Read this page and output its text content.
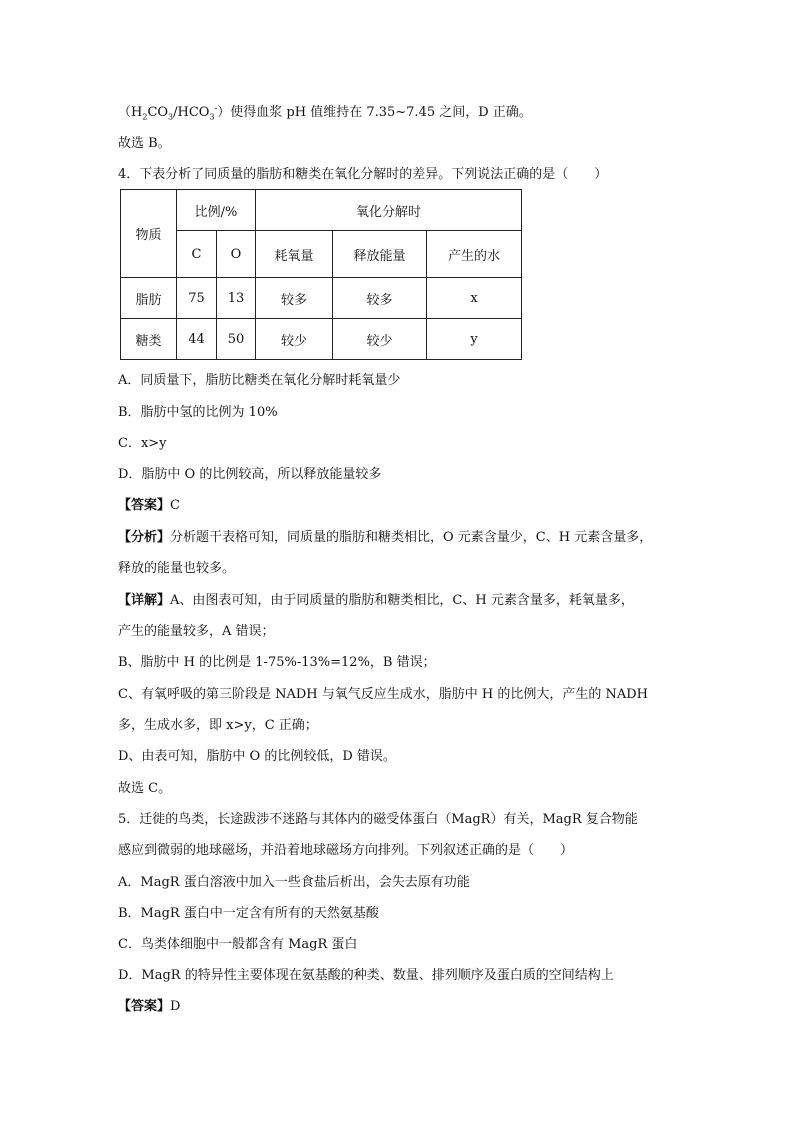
$(H_2CO_3/HCO_3^-)$使得血浆 pH 值维持在 7.35~7.45 之间，D 正确。
故选 B。
4．下表分析了同质量的脂肪和糖类在氧化分解时的差异。下列说法正确的是（　　）
物质	比例/%		氧化分解时		
	C	O	耗氧量	释放能量	产生的水
脂肪	75	13	较多	较多	x
糖类	44	50	较少	较少	y
A．同质量下，脂肪比糖类在氧化分解时耗氧量少
B．脂肪中氢的比例为 10%
C．x>y
D．脂肪中 O 的比例较高，所以释放能量较多
【答案】C
【分析】分析题干表格可知，同质量的脂肪和糖类相比，O 元素含量少，C、H 元素含量多，
释放的能量也较多。
【详解】A、由图表可知，由于同质量的脂肪和糖类相比，C、H 元素含量多，耗氧量多，
产生的能量较多，A 错误；
B、脂肪中 H 的比例是 1-75%-13%=12%，B 错误；
C、有氧呼吸的第三阶段是 NADH 与氧气反应生成水，脂肪中 H 的比例大，产生的 NADH
多，生成水多，即 x>y，C 正确；
D、由表可知，脂肪中 O 的比例较低，D 错误。
故选 C。
5．迁徙的鸟类，长途跋涉不迷路与其体内的磁受体蛋白（MagR）有关，MagR 复合物能
感应到微弱的地球磁场，并沿着地球磁场方向排列。下列叙述正确的是（　　）
A．MagR 蛋白溶液中加入一些食盐后析出，会失去原有功能
B．MagR 蛋白中一定含有所有的天然氨基酸
C．鸟类体细胞中一般都含有 MagR 蛋白
D．MagR 的特异性主要体现在氨基酸的种类、数量、排列顺序及蛋白质的空间结构上
【答案】D
